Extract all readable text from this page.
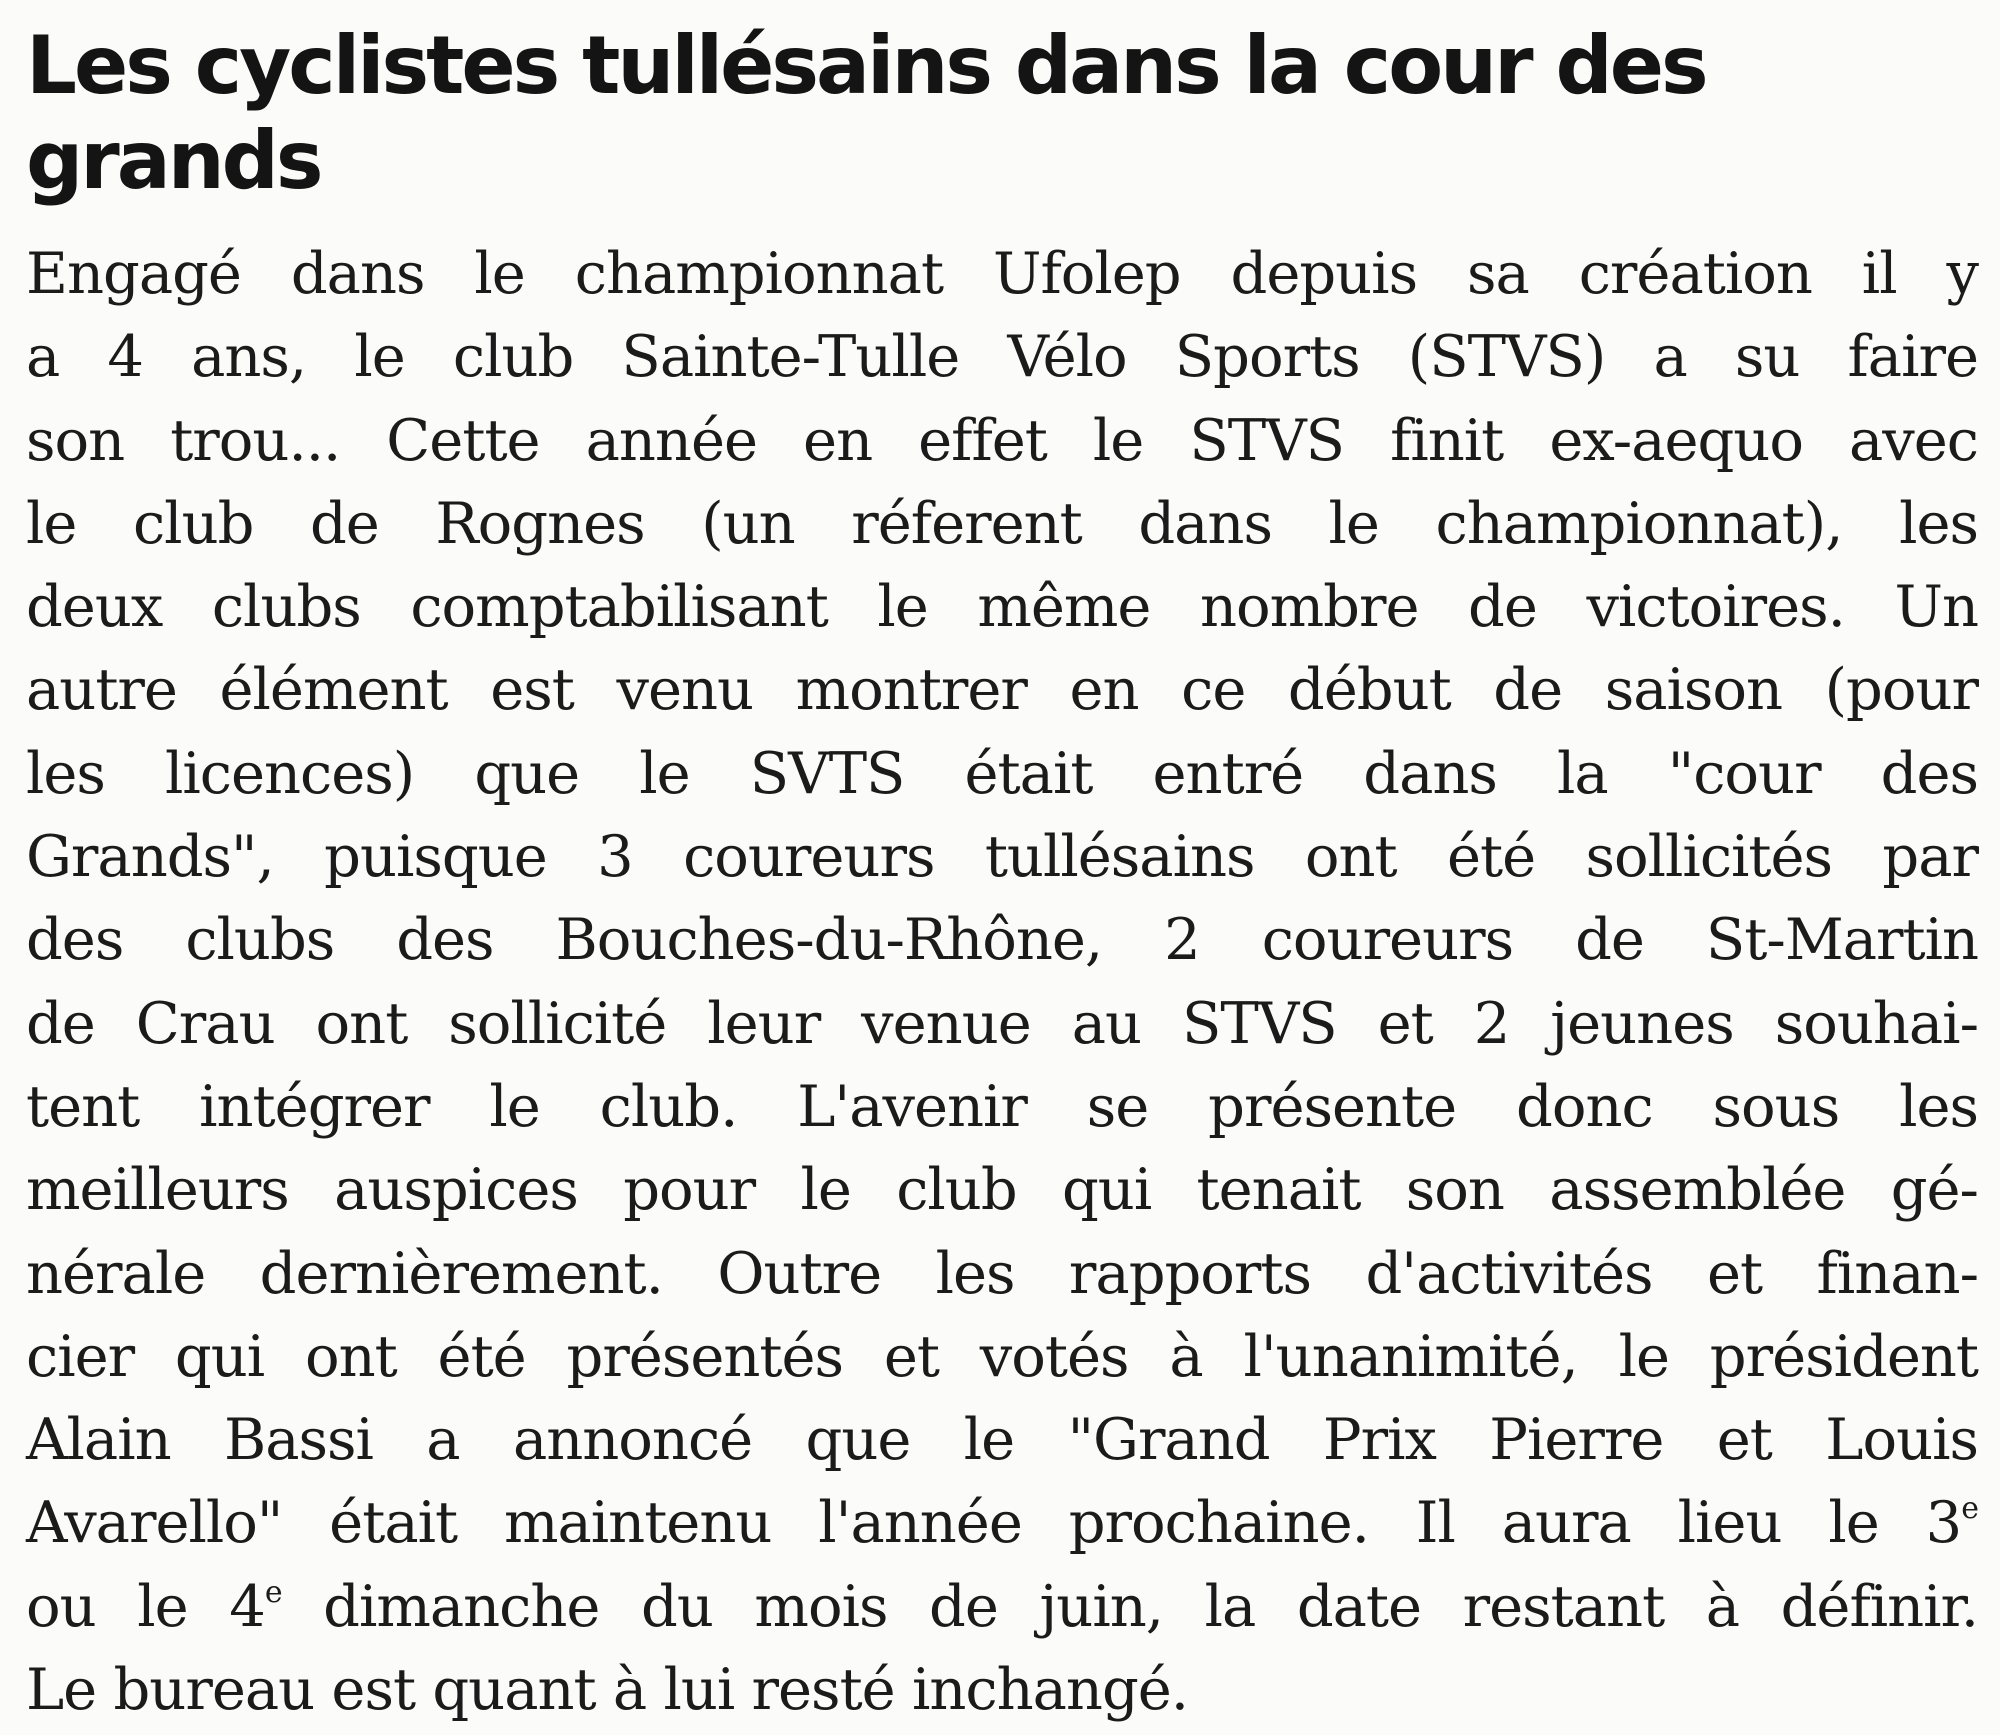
Les cyclistes tullésains dans la cour des grands
Engagé dans le championnat Ufolep depuis sa création il y
a 4 ans, le club Sainte-Tulle Vélo Sports (STVS) a su faire
son trou... Cette année en effet le STVS finit ex-aequo avec
le club de Rognes (un réferent dans le championnat), les
deux clubs comptabilisant le même nombre de victoires. Un
autre élément est venu montrer en ce début de saison (pour
les licences) que le SVTS était entré dans la "cour des
Grands", puisque 3 coureurs tullésains ont été sollicités par
des clubs des Bouches-du-Rhône, 2 coureurs de St-Martin
de Crau ont sollicité leur venue au STVS et 2 jeunes souhai-
tent intégrer le club. L'avenir se présente donc sous les
meilleurs auspices pour le club qui tenait son assemblée gé-
nérale dernièrement. Outre les rapports d'activités et finan-
cier qui ont été présentés et votés à l'unanimité, le président
Alain Bassi a annoncé que le "Grand Prix Pierre et Louis
Avarello" était maintenu l'année prochaine. Il aura lieu le 3e
ou le 4e dimanche du mois de juin, la date restant à définir.
Le bureau est quant à lui resté inchangé.
